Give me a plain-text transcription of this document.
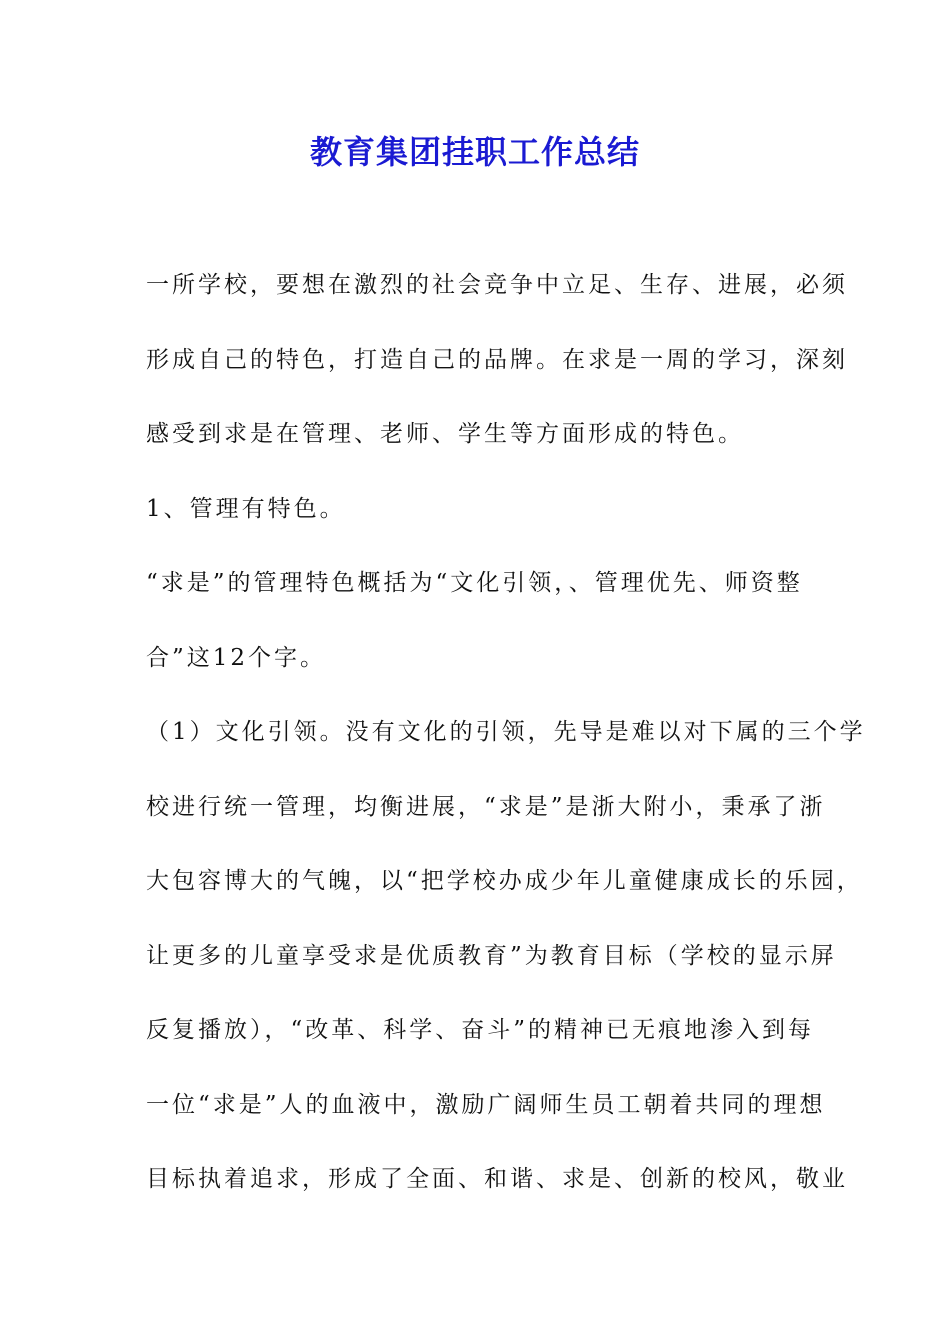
教育集团挂职工作总结
一所学校，要想在激烈的社会竞争中立足、生存、进展，必须
形成自己的特色，打造自己的品牌。在求是一周的学习，深刻
感受到求是在管理、老师、学生等方面形成的特色。
1、管理有特色。
“求是”的管理特色概括为“文化引领，、管理优先、师资整
合”这12个字。
（1）文化引领。没有文化的引领，先导是难以对下属的三个学
校进行统一管理，均衡进展，“求是”是浙大附小，秉承了浙
大包容博大的气魄，以“把学校办成少年儿童健康成长的乐园，
让更多的儿童享受求是优质教育”为教育目标（学校的显示屏
反复播放），“改革、科学、奋斗”的精神已无痕地渗入到每
一位“求是”人的血液中，激励广阔师生员工朝着共同的理想
目标执着追求，形成了全面、和谐、求是、创新的校风，敬业
